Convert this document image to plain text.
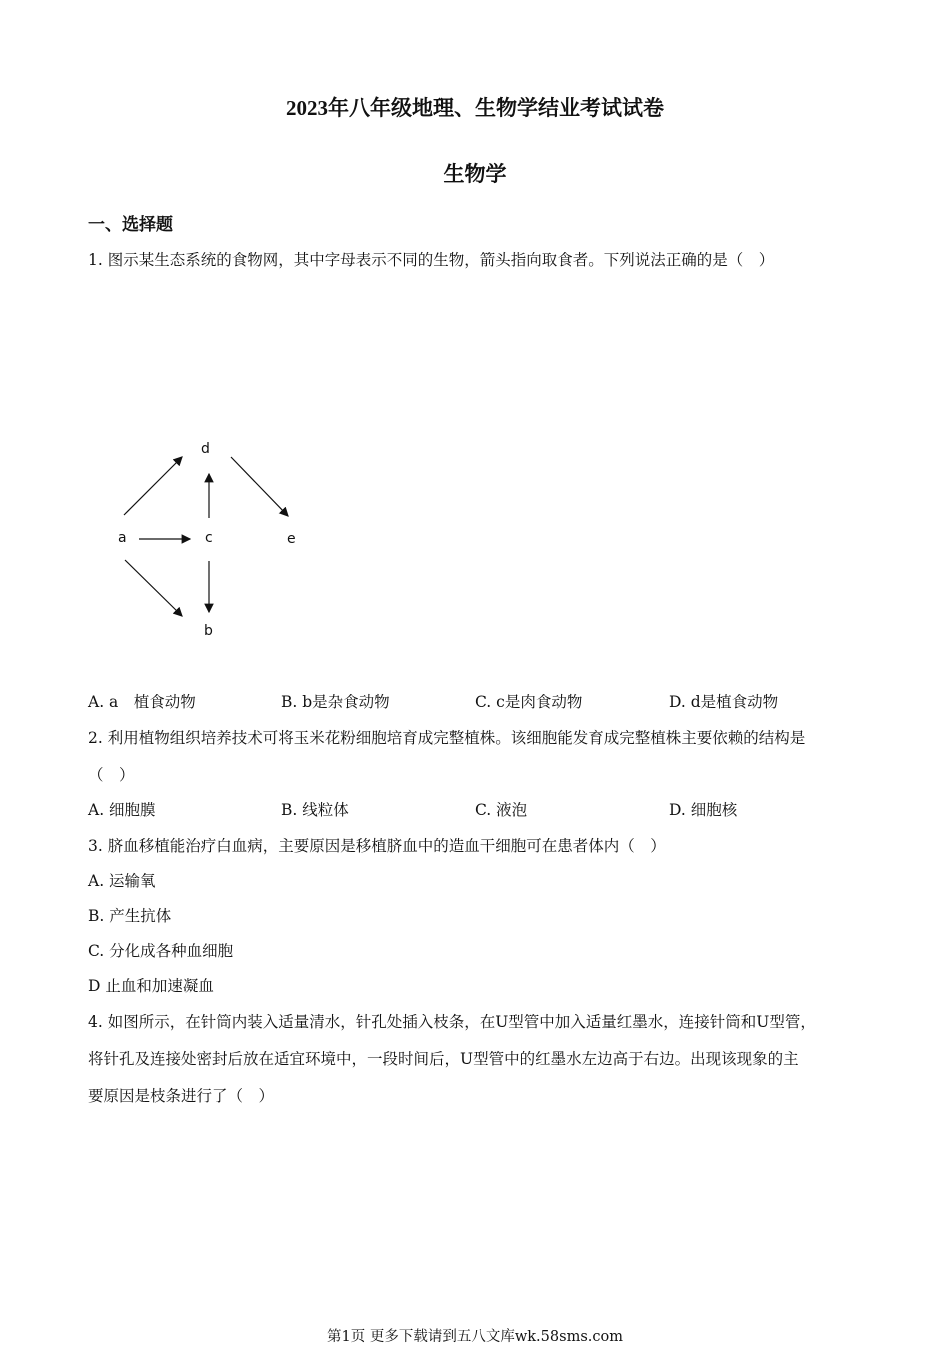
2023年八年级地理、生物学结业考试试卷
生物学
一、选择题
1. 图示某生态系统的食物网，其中字母表示不同的生物，箭头指向取食者。下列说法正确的是（　）
d
a	c	e
b
A. a　植食动物	B. b是杂食动物	C. c是肉食动物	D. d是植食动物
2. 利用植物组织培养技术可将玉米花粉细胞培育成完整植株。该细胞能发育成完整植株主要依赖的结构是
（　）
A. 细胞膜	B. 线粒体	C. 液泡	D. 细胞核
3. 脐血移植能治疗白血病，主要原因是移植脐血中的造血干细胞可在患者体内（　）
A. 运输氧
B. 产生抗体
C. 分化成各种血细胞
D 止血和加速凝血
4. 如图所示，在针筒内装入适量清水，针孔处插入枝条，在U型管中加入适量红墨水，连接针筒和U型管，
将针孔及连接处密封后放在适宜环境中，一段时间后，U型管中的红墨水左边高于右边。出现该现象的主
要原因是枝条进行了（　）
第1页 更多下载请到五八文库wk.58sms.com
